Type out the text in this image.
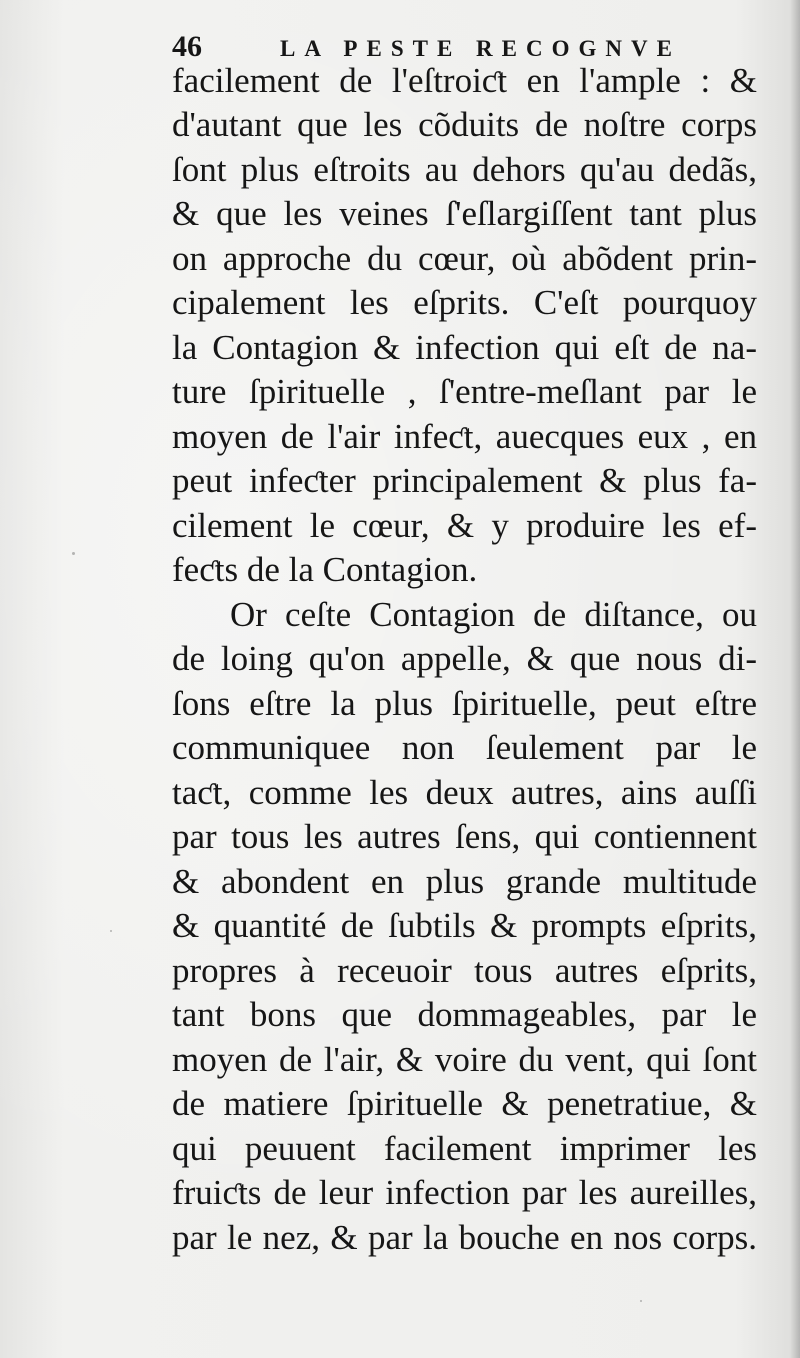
46	LA PESTE RECOGNVE
facilement de l'eſtroiƈt en l'ample : &
d'autant que les cõduits de noſtre corps
ſont plus eſtroits au dehors qu'au dedãs,
& que les veines ſ'eſlargiſſent tant plus
on approche du cœur, où abõdent prin-
cipalement les eſprits. C'eſt pourquoy
la Contagion & infection qui eſt de na-
ture ſpirituelle , ſ'entre-meſlant par le
moyen de l'air infeƈt, auecques eux , en
peut infeƈter principalement & plus fa-
cilement le cœur, & y produire les ef-
feƈts de la Contagion.
Or ceſte Contagion de diſtance, ou
de loing qu'on appelle, & que nous di-
ſons eſtre la plus ſpirituelle, peut eſtre
communiquee non ſeulement par le
taƈt, comme les deux autres, ains auſſi
par tous les autres ſens, qui contiennent
& abondent en plus grande multitude
& quantité de ſubtils & prompts eſprits,
propres à receuoir tous autres eſprits,
tant bons que dommageables, par le
moyen de l'air, & voire du vent, qui ſont
de matiere ſpirituelle & penetratiue, &
qui peuuent facilement imprimer les
fruiƈts de leur infection par les aureilles,
par le nez, & par la bouche en nos corps.
